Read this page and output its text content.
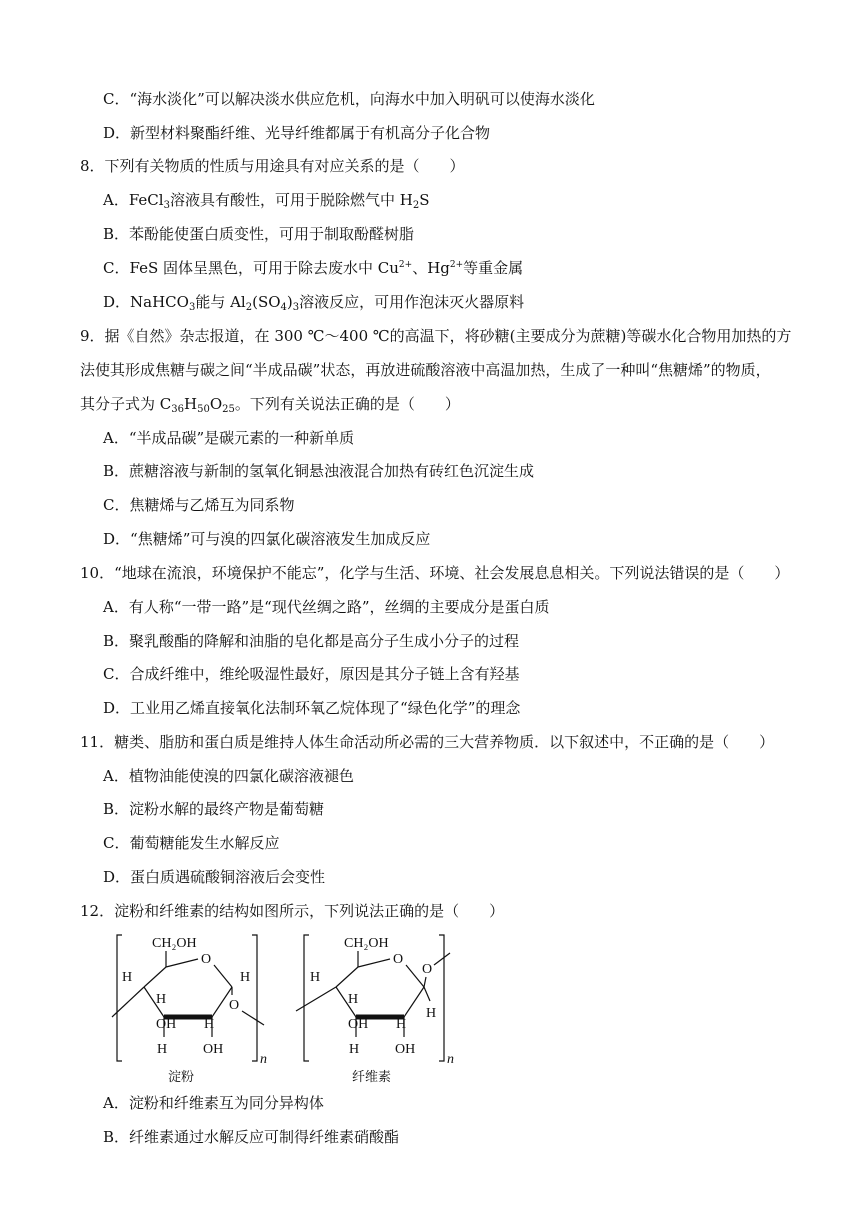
C．“海水淡化”可以解决淡水供应危机，向海水中加入明矾可以使海水淡化
D．新型材料聚酯纤维、光导纤维都属于有机高分子化合物
8．下列有关物质的性质与用途具有对应关系的是（　　）
A．FeCl$_3$溶液具有酸性，可用于脱除燃气中 $H_2S$
B．苯酚能使蛋白质变性，可用于制取酚醛树脂
C．FeS 固体呈黑色，可用于除去废水中 $Cu^{2+}$、$Hg^{2+}$等重金属
D．NaHCO$_3$能与 $Al_2(SO_4)_3$溶液反应，可用作泡沫灭火器原料
9．据《自然》杂志报道，在 300 ℃～400 ℃的高温下，将砂糖(主要成分为蔗糖)等碳水化合物用加热的方
法使其形成焦糖与碳之间“半成品碳”状态，再放进硫酸溶液中高温加热，生成了一种叫“焦糖烯”的物质，
其分子式为 $C_{36}H_{50}O_{25}$。下列有关说法正确的是（　　）
A．“半成品碳”是碳元素的一种新单质
B．蔗糖溶液与新制的氢氧化铜悬浊液混合加热有砖红色沉淀生成
C．焦糖烯与乙烯互为同系物
D．“焦糖烯”可与溴的四氯化碳溶液发生加成反应
10．“地球在流浪，环境保护不能忘”，化学与生活、环境、社会发展息息相关。下列说法错误的是（　　）
A．有人称“一带一路”是“现代丝绸之路”，丝绸的主要成分是蛋白质
B．聚乳酸酯的降解和油脂的皂化都是高分子生成小分子的过程
C．合成纤维中，维纶吸湿性最好，原因是其分子链上含有羟基
D．工业用乙烯直接氧化法制环氧乙烷体现了“绿色化学”的理念
11．糖类、脂肪和蛋白质是维持人体生命活动所必需的三大营养物质．以下叙述中，不正确的是（　　）
A．植物油能使溴的四氯化碳溶液褪色
B．淀粉水解的最终产物是葡萄糖
C．葡萄糖能发生水解反应
D．蛋白质遇硫酸铜溶液后会变性
12．淀粉和纤维素的结构如图所示，下列说法正确的是（　　）
CH₂OH
O
H	H
H
OH H
H	OH
O
n
淀粉
CH₂OH
O
H
H
OH H
H	OH
O
H
n
纤维素
A．淀粉和纤维素互为同分异构体
B．纤维素通过水解反应可制得纤维素硝酸酯
